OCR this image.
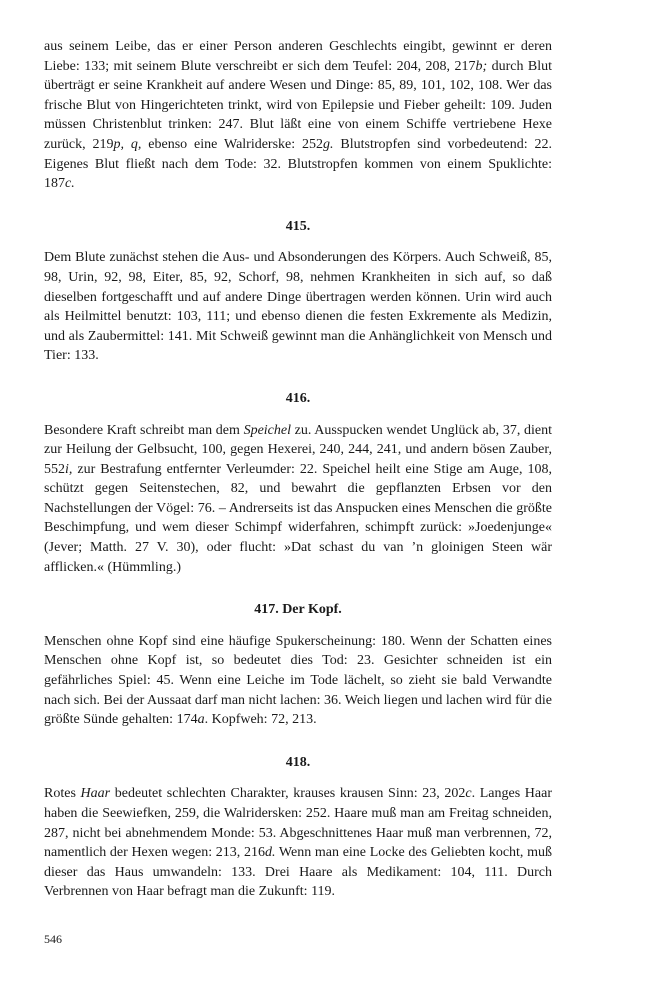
aus seinem Leibe, das er einer Person anderen Geschlechts eingibt, gewinnt er deren Liebe: 133; mit seinem Blute verschreibt er sich dem Teufel: 204, 208, 217b; durch Blut überträgt er seine Krankheit auf andere Wesen und Dinge: 85, 89, 101, 102, 108. Wer das frische Blut von Hingerichteten trinkt, wird von Epilepsie und Fieber geheilt: 109. Juden müssen Christenblut trinken: 247. Blut läßt eine von einem Schiffe vertriebene Hexe zurück, 219p, q, ebenso eine Walriderske: 252g. Blutstropfen sind vorbedeutend: 22. Eigenes Blut fließt nach dem Tode: 32. Blutstropfen kommen von einem Spuklichte: 187c.

415.

Dem Blute zunächst stehen die Aus- und Absonderungen des Körpers. Auch Schweiß, 85, 98, Urin, 92, 98, Eiter, 85, 92, Schorf, 98, nehmen Krankheiten in sich auf, so daß dieselben fortgeschafft und auf andere Dinge übertragen werden können. Urin wird auch als Heilmittel benutzt: 103, 111; und ebenso dienen die festen Exkremente als Medizin, und als Zaubermittel: 141. Mit Schweiß gewinnt man die Anhänglichkeit von Mensch und Tier: 133.

416.

Besondere Kraft schreibt man dem Speichel zu. Ausspucken wendet Unglück ab, 37, dient zur Heilung der Gelbsucht, 100, gegen Hexerei, 240, 244, 241, und andern bösen Zauber, 552i, zur Bestrafung entfernter Verleumder: 22. Speichel heilt eine Stige am Auge, 108, schützt gegen Seitenstechen, 82, und bewahrt die gepflanzten Erbsen vor den Nachstellungen der Vögel: 76. – Andrerseits ist das Anspucken eines Menschen die größte Beschimpfung, und wem dieser Schimpf widerfahren, schimpft zurück: »Joedenjunge« (Jever; Matth. 27 V. 30), oder flucht: »Dat schast du van ’n gloinigen Steen wär afflicken.« (Hümmling.)

417. Der Kopf.

Menschen ohne Kopf sind eine häufige Spukerscheinung: 180. Wenn der Schatten eines Menschen ohne Kopf ist, so bedeutet dies Tod: 23. Gesichter schneiden ist ein gefährliches Spiel: 45. Wenn eine Leiche im Tode lächelt, so zieht sie bald Verwandte nach sich. Bei der Aussaat darf man nicht lachen: 36. Weich liegen und lachen wird für die größte Sünde gehalten: 174a. Kopfweh: 72, 213.

418.

Rotes Haar bedeutet schlechten Charakter, krauses krausen Sinn: 23, 202c. Langes Haar haben die Seewiefken, 259, die Walridersken: 252. Haare muß man am Freitag schneiden, 287, nicht bei abnehmendem Monde: 53. Abgeschnittenes Haar muß man verbrennen, 72, namentlich der Hexen wegen: 213, 216d. Wenn man eine Locke des Geliebten kocht, muß dieser das Haus umwandeln: 133. Drei Haare als Medikament: 104, 111. Durch Verbrennen von Haar befragt man die Zukunft: 119.

546
